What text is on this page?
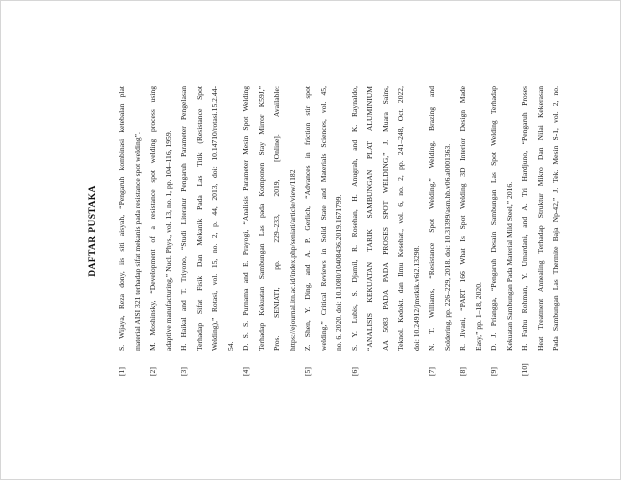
DAFTAR PUSTAKA
[1]
S. Wijaya, Reza dony, iis siti aisyah, “Pengaruh kombinasi ketebalan plat material AISI 321 terhadap sifat mekanis pada resistance spot welding”.
[2]
M. Moshinsky, “Development of a resistance spot welding process using adaptive manufacturing,” Nucl. Phys., vol. 13, no. 1, pp. 104–116, 1959.
[3]
H. Haikal and T. Triyono, “Studi Literatur Pengaruh Parameter Pengelasan Terhadap Sifat Fisik Dan Mekanik Pada Las Titik (Resistance Spot Welding),” Rotasi, vol. 15, no. 2, p. 44, 2013, doi: 10.14710/rotasi.15.2.44- 54.
[4]
D. S. S. Purnama and E. Prayogi, “Analisis Parameter Mesin Spot Welding Terhadap Kekuatan Sambungan Las pada Komponen Stay Mirror K59J,” Pros. SENIATI, pp. 229–233, 2019, [Online]. Available: https://ejournal.itn.ac.id/index.php/seniati/article/view/1182
[5]
Z. Shen, Y. Ding, and A. P. Gerlich, “Advances in friction stir spot welding,” Critical Reviews in Solid State and Materials Sciences, vol. 45, no. 6. 2020. doi: 10.1080/10408436.2019.1671799.
[6]
S. Y. Lubis, S. Djamil, R. Rosehan, H. Anugrah, and K. Raynaldo, “ANALISIS KEKUATAN TARIK SAMBUNGAN PLAT ALUMINIUM AA 5083 PADA PADA PROSES SPOT WELDING,” J. Muara Sains, Teknol. Kedokt. dan Ilmu Kesehat., vol. 6, no. 2, pp. 241–248, Oct. 2022, doi: 10.24912/jmstkik.v6i2.13298.
[7]
N. T. Williams, “Resistance Spot Welding,” Welding, Brazing and Soldering, pp. 226–229, 2018. doi: 10.31399/asm.hb.v06.a0001363.
[8]
R. Jivani, “PART 166 What Is Spot Welding 3D Interior Design Made Easy,” pp. 1–18, 2020.
[9]
D. J. Priangga, “Pengaruh Desain Sambungan Las Spot Welding Terhadap Kekuatan Sambungan Pada Material Mild Steel,” 2016.
[10]
H. Fathu Rohman, Y. Umardani, and A. Tri Hardjuno, “Pengaruh Proses Heat Treatment Annealing Terhadap Struktur Mikro Dan Nilai Kekerasan Pada Sambungan Las Thermite Baja Np-42,” J. Tek. Mesin S-1, vol. 2, no.
